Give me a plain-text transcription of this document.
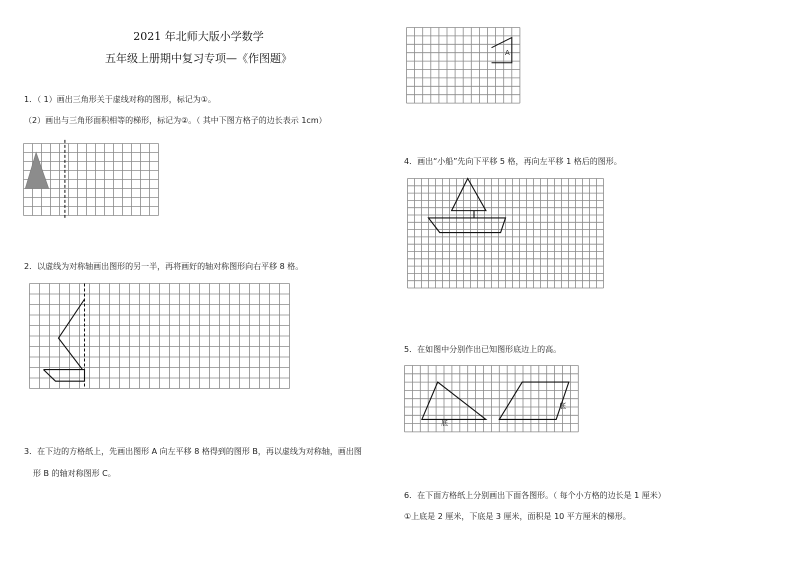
2021 年北师大版小学数学
五年级上册期中复习专项—《作图题》
1．（ 1）画出三角形关于虚线对称的图形，标记为①。
（2）画出与三角形面积相等的梯形，标记为②。（ 其中下图方格子的边长表示 1cm）
2．以虚线为对称轴画出图形的另一半，再将画好的轴对称图形向右平移 8 格。
3．在下边的方格纸上，先画出图形 A 向左平移 8 格得到的图形 B，再以虚线为对称轴，画出图
形 B 的轴对称图形 C。
A
4．画出“小船”先向下平移 5 格，再向左平移 1 格后的图形。
5．在如图中分别作出已知图形底边上的高。
底
底
6．在下面方格纸上分别画出下面各图形。（ 每个小方格的边长是 1 厘米）
①上底是 2 厘米，下底是 3 厘米，面积是 10 平方厘米的梯形。
